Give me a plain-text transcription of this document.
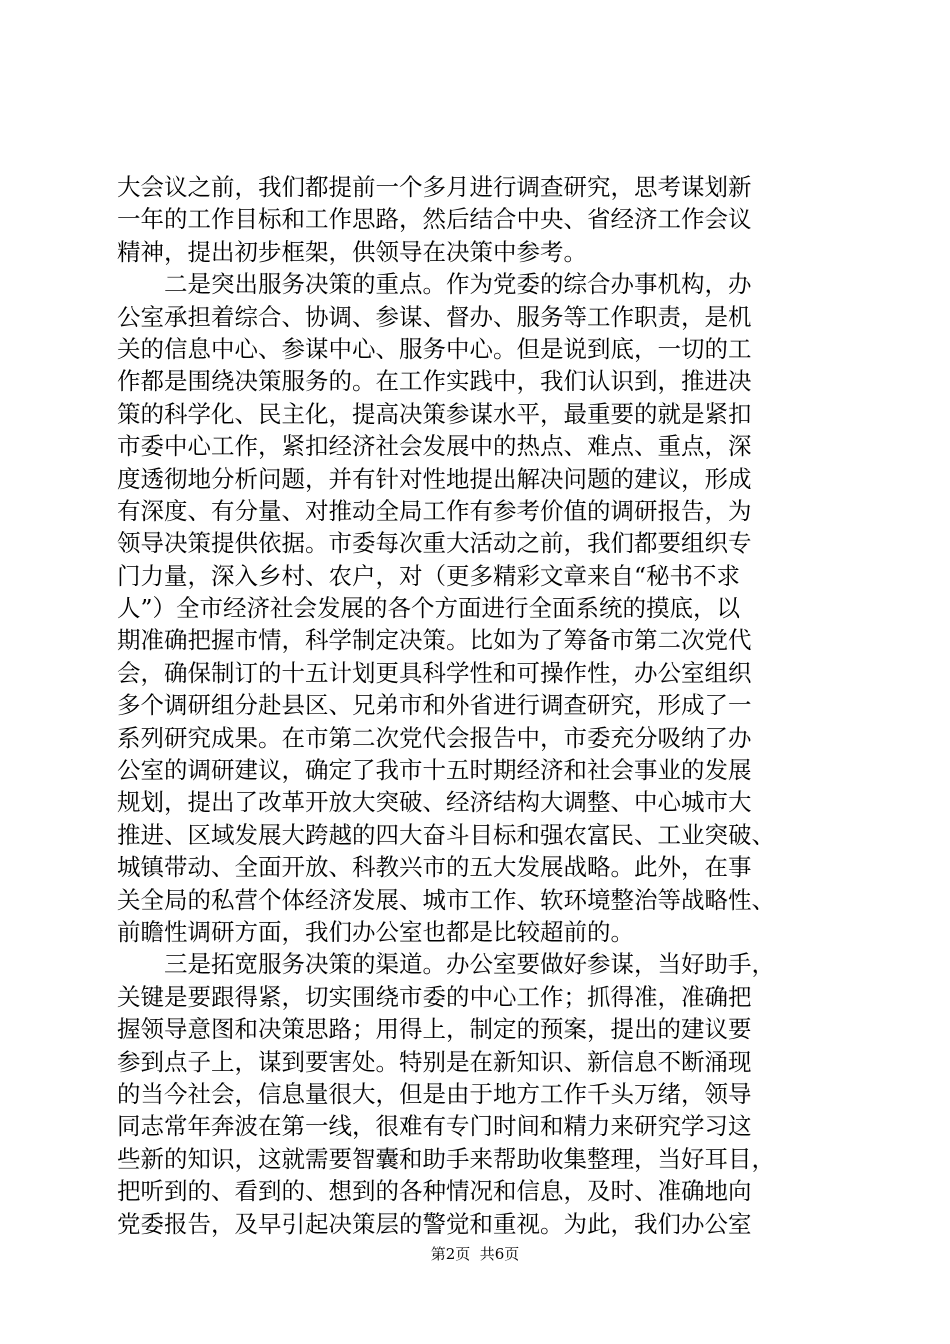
大会议之前，我们都提前一个多月进行调查研究，思考谋划新
一年的工作目标和工作思路，然后结合中央、省经济工作会议
精神，提出初步框架，供领导在决策中参考。
　　二是突出服务决策的重点。作为党委的综合办事机构，办
公室承担着综合、协调、参谋、督办、服务等工作职责，是机
关的信息中心、参谋中心、服务中心。但是说到底，一切的工
作都是围绕决策服务的。在工作实践中，我们认识到，推进决
策的科学化、民主化，提高决策参谋水平，最重要的就是紧扣
市委中心工作，紧扣经济社会发展中的热点、难点、重点，深
度透彻地分析问题，并有针对性地提出解决问题的建议，形成
有深度、有分量、对推动全局工作有参考价值的调研报告，为
领导决策提供依据。市委每次重大活动之前，我们都要组织专
门力量，深入乡村、农户，对（更多精彩文章来自“秘书不求
人”）全市经济社会发展的各个方面进行全面系统的摸底，以
期准确把握市情，科学制定决策。比如为了筹备市第二次党代
会，确保制订的十五计划更具科学性和可操作性，办公室组织
多个调研组分赴县区、兄弟市和外省进行调查研究，形成了一
系列研究成果。在市第二次党代会报告中，市委充分吸纳了办
公室的调研建议，确定了我市十五时期经济和社会事业的发展
规划，提出了改革开放大突破、经济结构大调整、中心城市大
推进、区域发展大跨越的四大奋斗目标和强农富民、工业突破、
城镇带动、全面开放、科教兴市的五大发展战略。此外，在事
关全局的私营个体经济发展、城市工作、软环境整治等战略性、
前瞻性调研方面，我们办公室也都是比较超前的。
　　三是拓宽服务决策的渠道。办公室要做好参谋，当好助手，
关键是要跟得紧，切实围绕市委的中心工作；抓得准，准确把
握领导意图和决策思路；用得上，制定的预案，提出的建议要
参到点子上，谋到要害处。特别是在新知识、新信息不断涌现
的当今社会，信息量很大，但是由于地方工作千头万绪，领导
同志常年奔波在第一线，很难有专门时间和精力来研究学习这
些新的知识，这就需要智囊和助手来帮助收集整理，当好耳目，
把听到的、看到的、想到的各种情况和信息，及时、准确地向
党委报告，及早引起决策层的警觉和重视。为此，我们办公室
第2页  共6页
